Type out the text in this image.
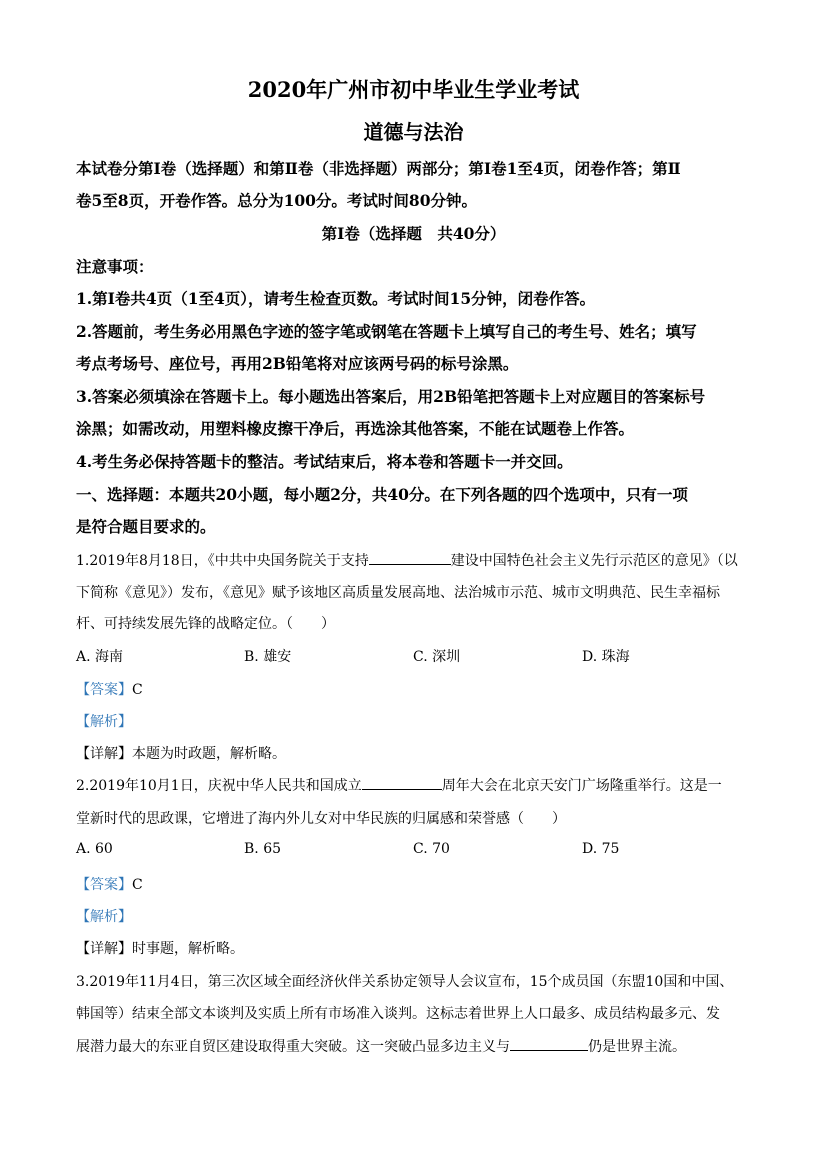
2020年广州市初中毕业生学业考试
道德与法治
本试卷分第Ⅰ卷（选择题）和第Ⅱ卷（非选择题）两部分；第Ⅰ卷1至4页，闭卷作答；第Ⅱ
卷5至8页，开卷作答。总分为100分。考试时间80分钟。
第Ⅰ卷（选择题　共40分）
注意事项：
1.第Ⅰ卷共4页（1至4页），请考生检查页数。考试时间15分钟，闭卷作答。
2.答题前，考生务必用黑色字迹的签字笔或钢笔在答题卡上填写自己的考生号、姓名；填写
考点考场号、座位号，再用2B铅笔将对应该两号码的标号涂黑。
3.答案必须填涂在答题卡上。每小题选出答案后，用2B铅笔把答题卡上对应题目的答案标号
涂黑；如需改动，用塑料橡皮擦干净后，再选涂其他答案，不能在试题卷上作答。
4.考生务必保持答题卡的整洁。考试结束后，将本卷和答题卡一并交回。
一、选择题：本题共20小题，每小题2分，共40分。在下列各题的四个选项中，只有一项
是符合题目要求的。
1.2019年8月18日，《中共中央国务院关于支持	建设中国特色社会主义先行示范区的意见》（以
下简称《意见》）发布，《意见》赋予该地区高质量发展高地、法治城市示范、城市文明典范、民生幸福标
杆、可持续发展先锋的战略定位。（　　）
A. 海南	B. 雄安	C. 深圳	D. 珠海
【答案】C
【解析】
【详解】本题为时政题，解析略。
2.2019年10月1日，庆祝中华人民共和国成立	周年大会在北京天安门广场隆重举行。这是一
堂新时代的思政课，它增进了海内外儿女对中华民族的归属感和荣誉感（　　）
A. 60	B. 65	C. 70	D. 75
【答案】C
【解析】
【详解】时事题，解析略。
3.2019年11月4日，第三次区域全面经济伙伴关系协定领导人会议宣布，15个成员国（东盟10国和中国、
韩国等）结束全部文本谈判及实质上所有市场准入谈判。这标志着世界上人口最多、成员结构最多元、发
展潜力最大的东亚自贸区建设取得重大突破。这一突破凸显多边主义与	仍是世界主流。
